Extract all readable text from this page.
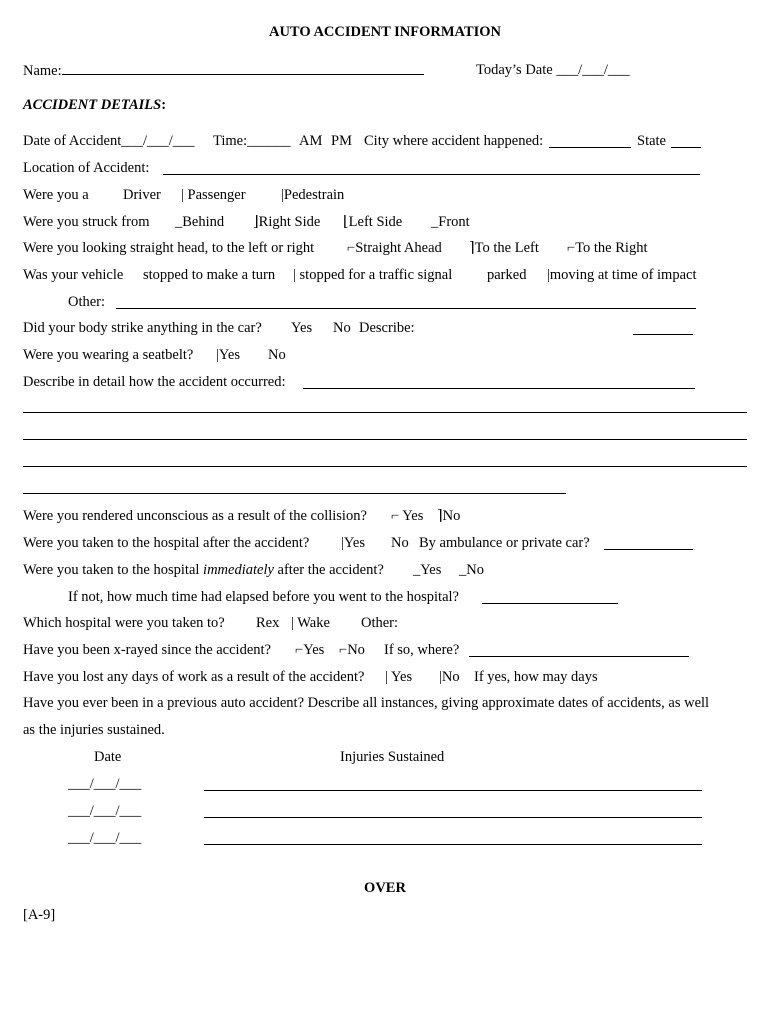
AUTO ACCIDENT INFORMATION
Name:	Today’s Date ___/___/___
ACCIDENT DETAILS:
Date of Accident___/___/___ Time:______ AM PM City where accident happened:	State
Location of Accident:
Were you a Driver | Passenger |Pedestrain
Were you struck from _Behind ⌋Right Side ⌊Left Side _Front
Were you looking straight head, to the left or right ⌐Straight Ahead ⌉To the Left ⌐To the Right
Was your vehicle stopped to make a turn | stopped for a traffic signal parked |moving at time of impact
Other:
Did your body strike anything in the car? Yes No Describe:
Were you wearing a seatbelt? |Yes No
Describe in detail how the accident occurred:
Were you rendered unconscious as a result of the collision? ⌐ Yes ⌉No
Were you taken to the hospital after the accident? |Yes No By ambulance or private car?
Were you taken to the hospital immediately after the accident? _Yes _No
If not, how much time had elapsed before you went to the hospital?
Which hospital were you taken to? Rex | Wake Other:
Have you been x-rayed since the accident? ⌐Yes ⌐No If so, where?
Have you lost any days of work as a result of the accident? | Yes |No If yes, how may days
Have you ever been in a previous auto accident? Describe all instances, giving approximate dates of accidents, as well
as the injuries sustained.
Date	Injuries Sustained
___/___/___
___/___/___
___/___/___
OVER
[A-9]
